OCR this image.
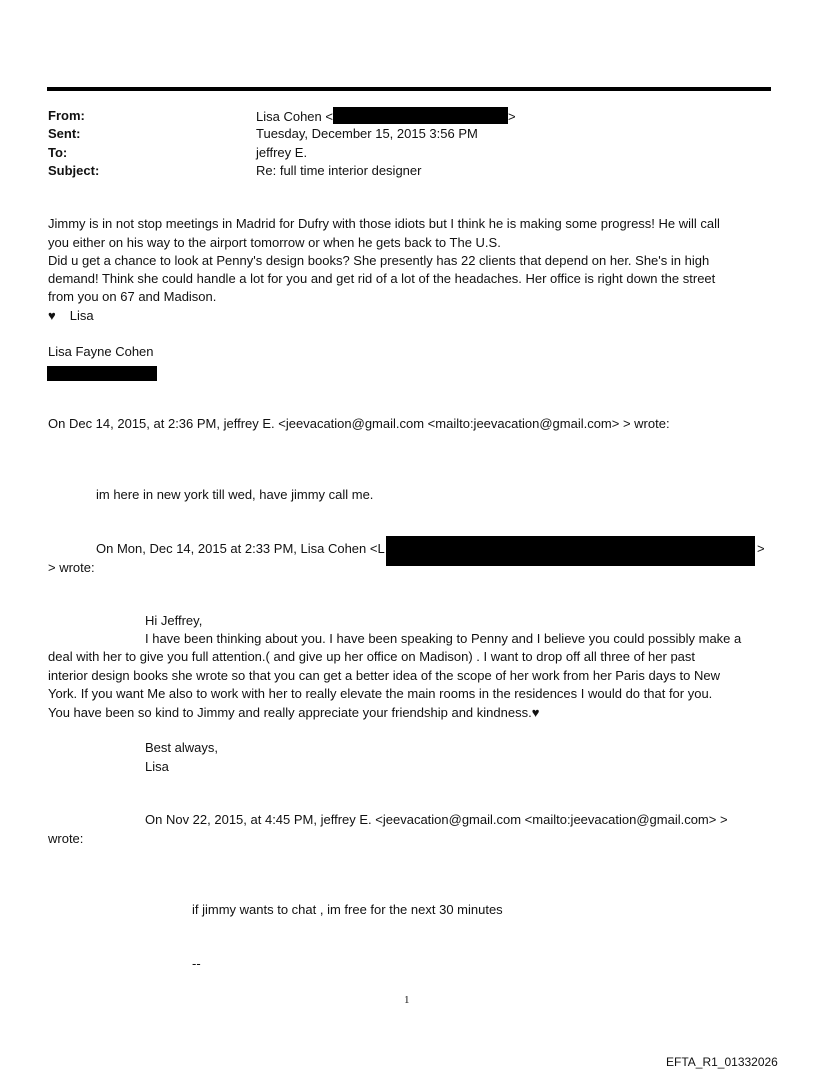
From:	Lisa Cohen <	>
Sent:	Tuesday, December 15, 2015 3:56 PM
To:	jeffrey E.
Subject:	Re: full time interior designer
Jimmy is in not stop meetings in Madrid for Dufry with those idiots but I think he is making some progress! He will call
you either on his way to the airport tomorrow or when he gets back to The U.S.
Did u get a chance to look at Penny's design books? She presently has 22 clients that depend on her. She's in high
demand! Think she could handle a lot for you and get rid of a lot of the headaches. Her office is right down the street
from you on 67 and Madison.
♥ Lisa
Lisa Fayne Cohen
On Dec 14, 2015, at 2:36 PM, jeffrey E. <jeevacation@gmail.com <mailto:jeevacation@gmail.com> > wrote:
im here in new york till wed, have jimmy call me.
On Mon, Dec 14, 2015 at 2:33 PM, Lisa Cohen <L	>
> wrote:
Hi Jeffrey,
I have been thinking about you. I have been speaking to Penny and I believe you could possibly make a
deal with her to give you full attention.( and give up her office on Madison) . I want to drop off all three of her past
interior design books she wrote so that you can get a better idea of the scope of her work from her Paris days to New
York. If you want Me also to work with her to really elevate the main rooms in the residences I would do that for you.
You have been so kind to Jimmy and really appreciate your friendship and kindness.♥
Best always,
Lisa
On Nov 22, 2015, at 4:45 PM, jeffrey E. <jeevacation@gmail.com <mailto:jeevacation@gmail.com> >
wrote:
if jimmy wants to chat , im free for the next 30 minutes
--
1
EFTA_R1_01332026
